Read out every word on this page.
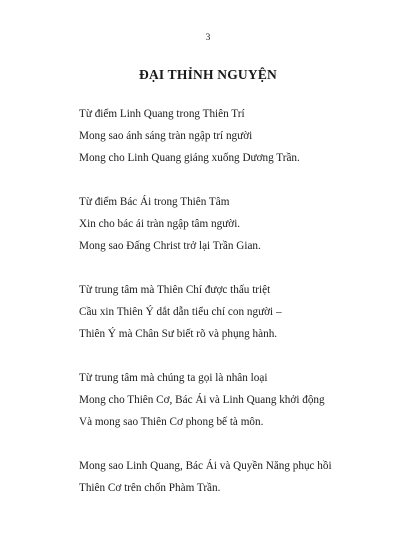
3
ĐẠI THỈNH NGUYỆN
Từ điểm Linh Quang trong Thiên Trí
Mong sao ánh sáng tràn ngập trí người
Mong cho Linh Quang giáng xuống Dương Trần.
Từ điểm Bác Ái trong Thiên Tâm
Xin cho bác ái tràn ngập tâm người.
Mong sao Đấng Christ trở lại Trần Gian.
Từ trung tâm mà Thiên Chí được thấu triệt
Cầu xin Thiên Ý dắt dẫn tiểu chí con người –
Thiên Ý mà Chân Sư biết rõ và phụng hành.
Từ trung tâm mà chúng ta gọi là nhân loại
Mong cho Thiên Cơ, Bác Ái và Linh Quang khởi động
Và mong sao Thiên Cơ phong bế tà môn.
Mong sao Linh Quang, Bác Ái và Quyền Năng phục hồi
Thiên Cơ trên chốn Phàm Trần.
